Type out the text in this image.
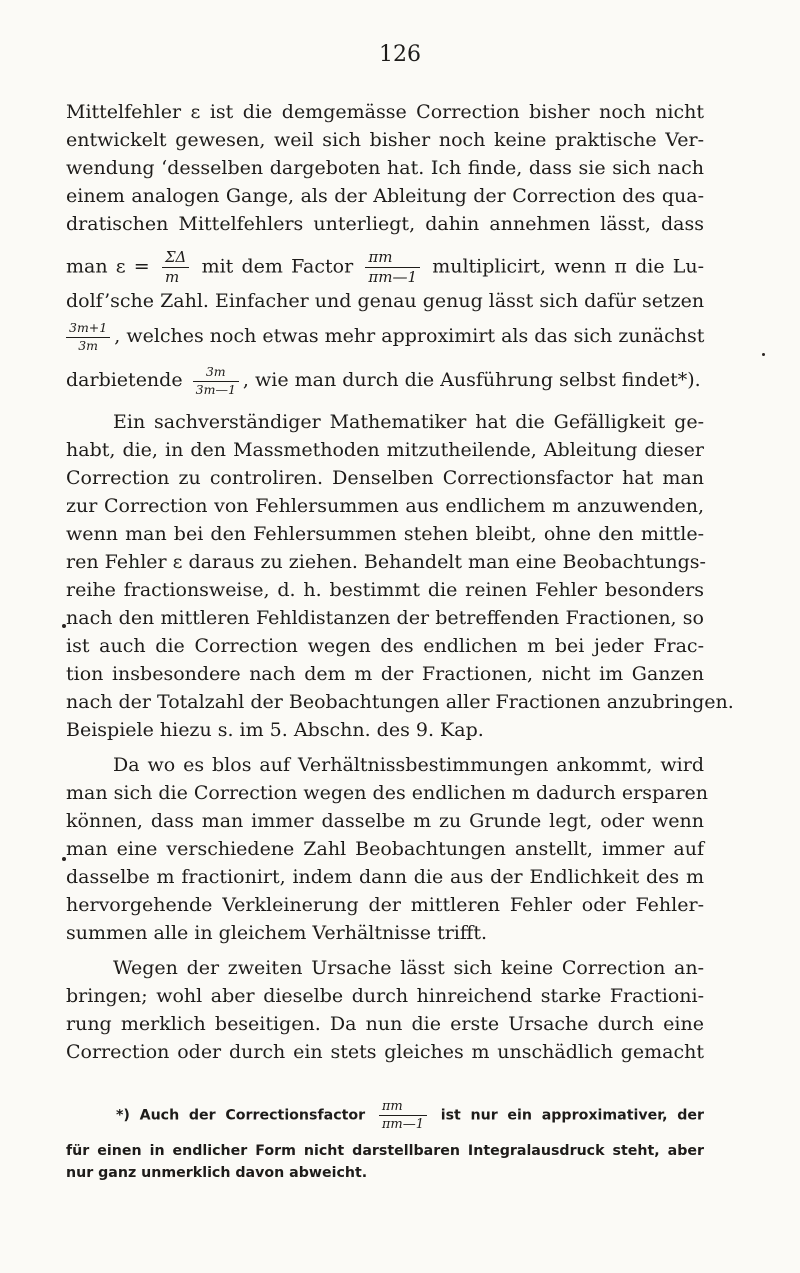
126
Mittelfehler ε ist die demgemässe Correction bisher noch nicht
entwickelt gewesen, weil sich bisher noch keine praktische Ver-
wendung ‘desselben dargeboten hat. Ich finde, dass sie sich nach
einem analogen Gange, als der Ableitung der Correction des qua-
dratischen Mittelfehlers unterliegt, dahin annehmen lässt, dass
man $\varepsilon = \frac{\Sigma\Delta}{m}$ mit dem Factor $\frac{\pi m}{\pi m—1}$ multiplicirt, wenn π die Lu-
dolf’sche Zahl. Einfacher und genau genug lässt sich dafür setzen
$\frac{3m+1}{3m}$ , welches noch etwas mehr approximirt als das sich zunächst
darbietende $\frac{3m}{3m—1}$ , wie man durch die Ausführung selbst findet*).
Ein sachverständiger Mathematiker hat die Gefälligkeit ge-
habt, die, in den Massmethoden mitzutheilende, Ableitung dieser
Correction zu controliren. Denselben Correctionsfactor hat man
zur Correction von Fehlersummen aus endlichem m anzuwenden,
wenn man bei den Fehlersummen stehen bleibt, ohne den mittle-
ren Fehler ε daraus zu ziehen. Behandelt man eine Beobachtungs-
reihe fractionsweise, d. h. bestimmt die reinen Fehler besonders
nach den mittleren Fehldistanzen der betreffenden Fractionen, so
ist auch die Correction wegen des endlichen m bei jeder Frac-
tion insbesondere nach dem m der Fractionen, nicht im Ganzen
nach der Totalzahl der Beobachtungen aller Fractionen anzubringen.
Beispiele hiezu s. im 5. Abschn. des 9. Kap.
Da wo es blos auf Verhältnissbestimmungen ankommt, wird
man sich die Correction wegen des endlichen m dadurch ersparen
können, dass man immer dasselbe m zu Grunde legt, oder wenn
man eine verschiedene Zahl Beobachtungen anstellt, immer auf
dasselbe m fractionirt, indem dann die aus der Endlichkeit des m
hervorgehende Verkleinerung der mittleren Fehler oder Fehler-
summen alle in gleichem Verhältnisse trifft.
Wegen der zweiten Ursache lässt sich keine Correction an-
bringen; wohl aber dieselbe durch hinreichend starke Fractioni-
rung merklich beseitigen. Da nun die erste Ursache durch eine
Correction oder durch ein stets gleiches m unschädlich gemacht
*) Auch der Correctionsfactor $\frac{\pi m}{\pi m—1}$ ist nur ein approximativer, der
für einen in endlicher Form nicht darstellbaren Integralausdruck steht, aber
nur ganz unmerklich davon abweicht.
